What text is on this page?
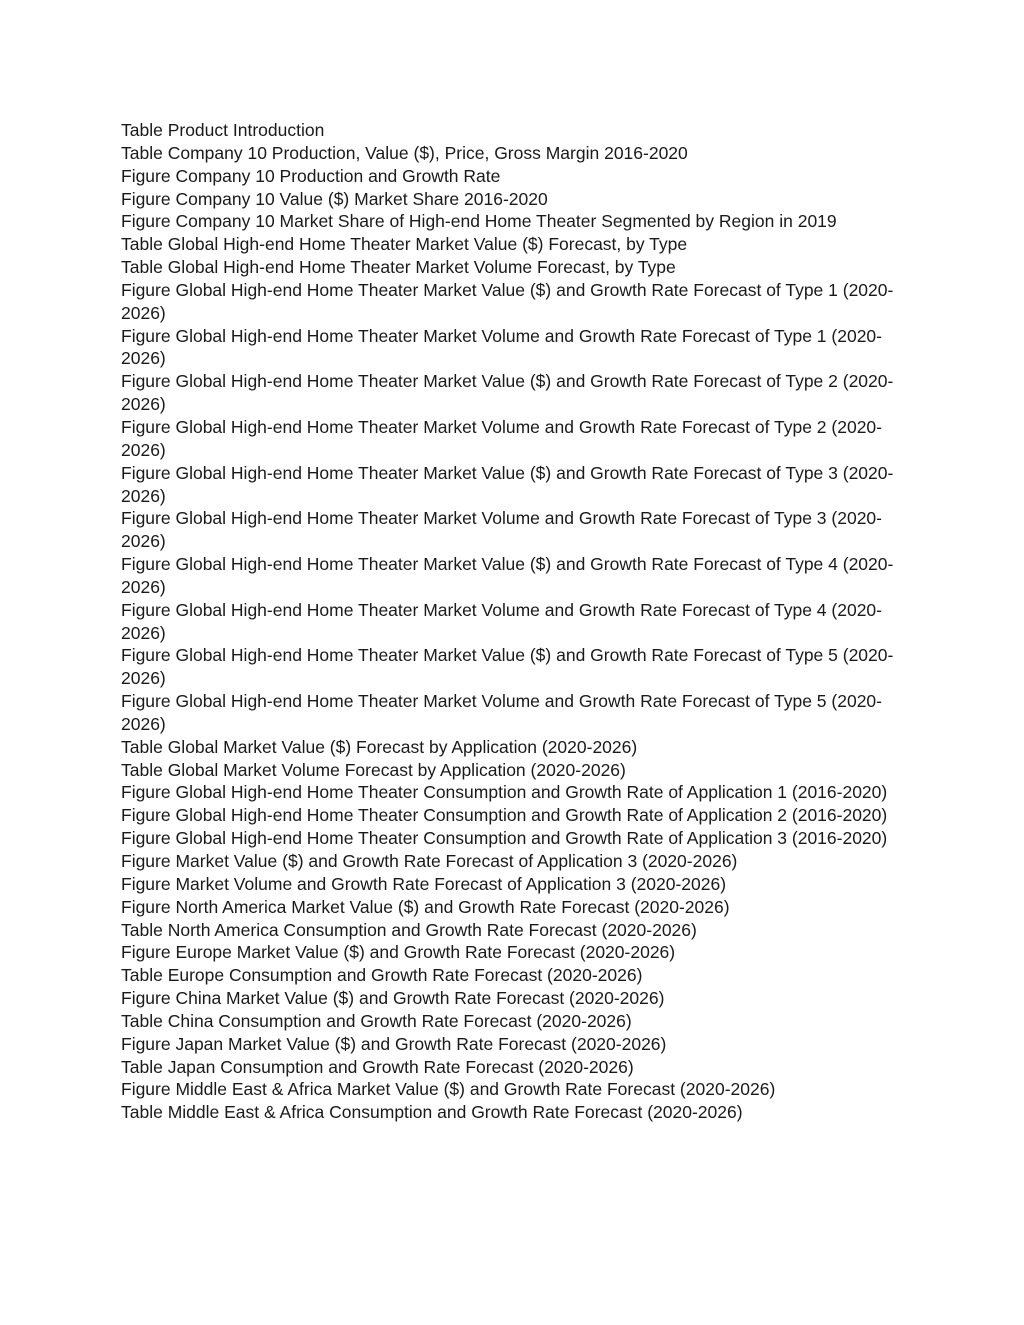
Table Product Introduction
Table Company 10 Production, Value ($), Price, Gross Margin 2016-2020
Figure Company 10 Production and Growth Rate
Figure Company 10 Value ($) Market Share 2016-2020
Figure Company 10 Market Share of High-end Home Theater Segmented by Region in 2019
Table Global High-end Home Theater Market Value ($) Forecast, by Type
Table Global High-end Home Theater Market Volume Forecast, by Type
Figure Global High-end Home Theater Market Value ($) and Growth Rate Forecast of Type 1 (2020-2026)
Figure Global High-end Home Theater Market Volume and Growth Rate Forecast of Type 1 (2020-2026)
Figure Global High-end Home Theater Market Value ($) and Growth Rate Forecast of Type 2 (2020-2026)
Figure Global High-end Home Theater Market Volume and Growth Rate Forecast of Type 2 (2020-2026)
Figure Global High-end Home Theater Market Value ($) and Growth Rate Forecast of Type 3 (2020-2026)
Figure Global High-end Home Theater Market Volume and Growth Rate Forecast of Type 3 (2020-2026)
Figure Global High-end Home Theater Market Value ($) and Growth Rate Forecast of Type 4 (2020-2026)
Figure Global High-end Home Theater Market Volume and Growth Rate Forecast of Type 4 (2020-2026)
Figure Global High-end Home Theater Market Value ($) and Growth Rate Forecast of Type 5 (2020-2026)
Figure Global High-end Home Theater Market Volume and Growth Rate Forecast of Type 5 (2020-2026)
Table Global Market Value ($) Forecast by Application (2020-2026)
Table Global Market Volume Forecast by Application (2020-2026)
Figure Global High-end Home Theater Consumption and Growth Rate of Application 1 (2016-2020)
Figure Global High-end Home Theater Consumption and Growth Rate of Application 2 (2016-2020)
Figure Global High-end Home Theater Consumption and Growth Rate of Application 3 (2016-2020)
Figure Market Value ($) and Growth Rate Forecast of Application 3 (2020-2026)
Figure Market Volume and Growth Rate Forecast of Application 3 (2020-2026)
Figure North America Market Value ($) and Growth Rate Forecast (2020-2026)
Table North America Consumption and Growth Rate Forecast (2020-2026)
Figure Europe Market Value ($) and Growth Rate Forecast (2020-2026)
Table Europe Consumption and Growth Rate Forecast (2020-2026)
Figure China Market Value ($) and Growth Rate Forecast (2020-2026)
Table China Consumption and Growth Rate Forecast (2020-2026)
Figure Japan Market Value ($) and Growth Rate Forecast (2020-2026)
Table Japan Consumption and Growth Rate Forecast (2020-2026)
Figure Middle East & Africa Market Value ($) and Growth Rate Forecast (2020-2026)
Table Middle East & Africa Consumption and Growth Rate Forecast (2020-2026)
